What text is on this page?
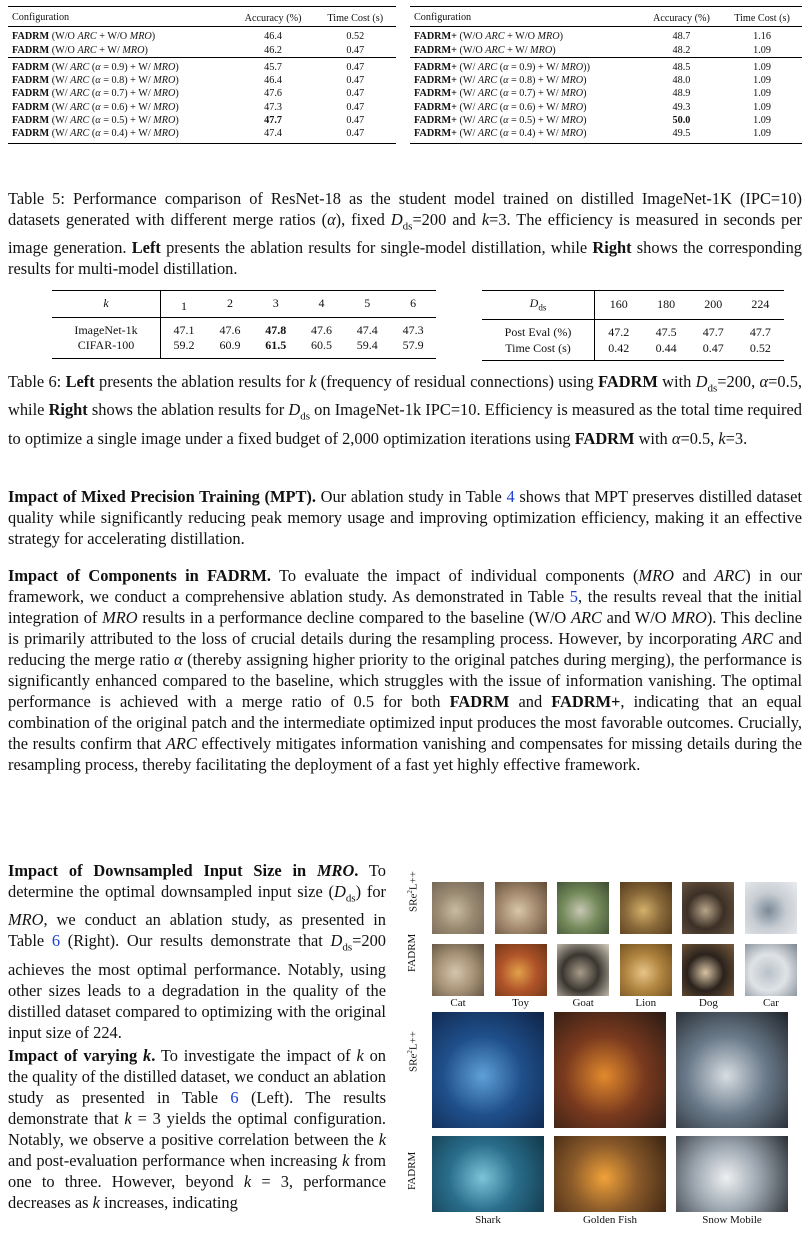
Configuration	Accuracy (%)	Time Cost (s)
FADRM (W/O ARC + W/O MRO)	46.4	0.52
FADRM (W/O ARC + W/ MRO)	46.2	0.47
FADRM (W/ ARC (α = 0.9) + W/ MRO)	45.7	0.47
FADRM (W/ ARC (α = 0.8) + W/ MRO)	46.4	0.47
FADRM (W/ ARC (α = 0.7) + W/ MRO)	47.6	0.47
FADRM (W/ ARC (α = 0.6) + W/ MRO)	47.3	0.47
FADRM (W/ ARC (α = 0.5) + W/ MRO)	47.7	0.47
FADRM (W/ ARC (α = 0.4) + W/ MRO)	47.4	0.47
Configuration	Accuracy (%)	Time Cost (s)
FADRM+ (W/O ARC + W/O MRO)	48.7	1.16
FADRM+ (W/O ARC + W/ MRO)	48.2	1.09
FADRM+ (W/ ARC (α = 0.9) + W/ MRO))	48.5	1.09
FADRM+ (W/ ARC (α = 0.8) + W/ MRO)	48.0	1.09
FADRM+ (W/ ARC (α = 0.7) + W/ MRO)	48.9	1.09
FADRM+ (W/ ARC (α = 0.6) + W/ MRO)	49.3	1.09
FADRM+ (W/ ARC (α = 0.5) + W/ MRO)	50.0	1.09
FADRM+ (W/ ARC (α = 0.4) + W/ MRO)	49.5	1.09
Table 5: Performance comparison of ResNet-18 as the student model trained on distilled ImageNet-1K (IPC=10) datasets generated with different merge ratios (α), fixed $D_{ds}=200$ and k=3. The efficiency is measured in seconds per image generation. Left presents the ablation results for single-model distillation, while Right shows the corresponding results for multi-model distillation.
k	1	2	3	4	5	6
ImageNet-1k	47.1	47.6	47.8	47.6	47.4	47.3
CIFAR-100	59.2	60.9	61.5	60.5	59.4	57.9
$D_{ds}$	160	180	200	224
Post Eval (%)	47.2	47.5	47.7	47.7
Time Cost (s)	0.42	0.44	0.47	0.52
Table 6: Left presents the ablation results for k (frequency of residual connections) using FADRM with $D_{ds}=200$, α=0.5, while Right shows the ablation results for $D_{ds}$ on ImageNet-1k IPC=10. Efficiency is measured as the total time required to optimize a single image under a fixed budget of 2,000 optimization iterations using FADRM with α=0.5, k=3.
Impact of Mixed Precision Training (MPT). Our ablation study in Table 4 shows that MPT preserves distilled dataset quality while significantly reducing peak memory usage and improving optimization efficiency, making it an effective strategy for accelerating distillation.
Impact of Components in FADRM. To evaluate the impact of individual components (MRO and ARC) in our framework, we conduct a comprehensive ablation study. As demonstrated in Table 5, the results reveal that the initial integration of MRO results in a performance decline compared to the baseline (W/O ARC and W/O MRO). This decline is primarily attributed to the loss of crucial details during the resampling process. However, by incorporating ARC and reducing the merge ratio α (thereby assigning higher priority to the original patches during merging), the performance is significantly enhanced compared to the baseline, which struggles with the issue of information vanishing. The optimal performance is achieved with a merge ratio of 0.5 for both FADRM and FADRM+, indicating that an equal combination of the original patch and the intermediate optimized input produces the most favorable outcomes. Crucially, the results confirm that ARC effectively mitigates information vanishing and compensates for missing details during the resampling process, thereby facilitating the deployment of a fast yet highly effective framework.
Impact of Downsampled Input Size in MRO. To determine the optimal downsampled input size $(D_{ds})$ for MRO, we conduct an ablation study, as presented in Table 6 (Right). Our results demonstrate that $D_{ds}=200$ achieves the most optimal performance. Notably, using other sizes leads to a degradation in the quality of the distilled dataset compared to optimizing with the original input size of 224.
Impact of varying k. To investigate the impact of k on the quality of the distilled dataset, we conduct an ablation study as presented in Table 6 (Left). The results demonstrate that k = 3 yields the optimal configuration. Notably, we observe a positive correlation between the k and post-evaluation performance when increasing k from one to three. However, beyond k = 3, performance decreases as k increases, indicating
SRe$^2$L++
FADRM
SRe$^2$L++
FADRM
Cat	Toy	Goat	Lion	Dog	Car
Shark	Golden Fish	Snow Mobile
